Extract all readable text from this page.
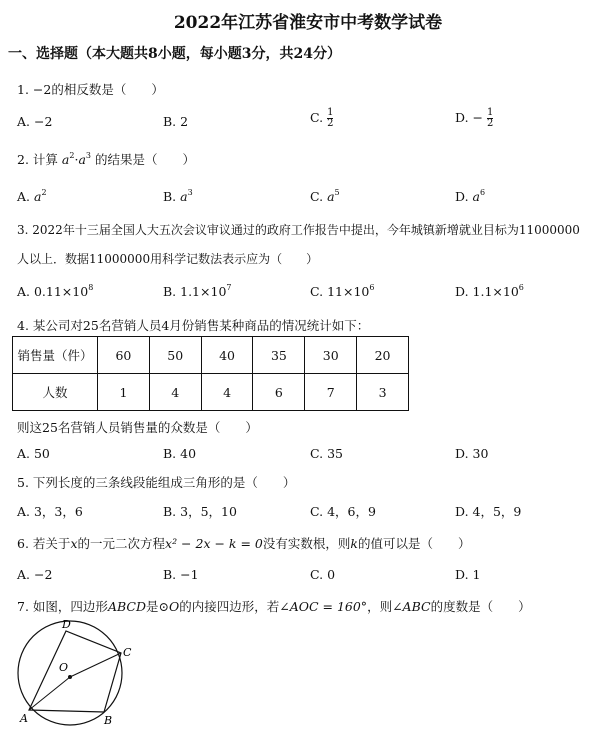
2022年江苏省淮安市中考数学试卷
一、选择题（本大题共8小题，每小题3分，共24分）
1. −2的相反数是（　　）
A. −2	B. 2	C. $\frac{1}{2}$	D. − $\frac{1}{2}$
2. 计算 $a^2\cdot a^3$ 的结果是（　　）
A. $a^2$	B. $a^3$	C. $a^5$	D. $a^6$
3. 2022年十三届全国人大五次会议审议通过的政府工作报告中提出，今年城镇新增就业目标为11000000
人以上．数据11000000用科学记数法表示应为（　　）
A. $0.11\times 10^8$	B. $1.1\times 10^7$	C. $11\times 10^6$	D. $1.1\times 10^6$
4. 某公司对25名营销人员4月份销售某种商品的情况统计如下：
销售量（件）	60	50	40	35	30	20
人数	1	4	4	6	7	3
则这25名营销人员销售量的众数是（　　）
A. 50	B. 40	C. 35	D. 30
5. 下列长度的三条线段能组成三角形的是（　　）
A. 3，3，6	B. 3，5，10	C. 4，6，9	D. 4，5，9
6. 若关于x的一元二次方程x² − 2x − k = 0没有实数根，则k的值可以是（　　）
A. −2	B. −1	C. 0	D. 1
7. 如图，四边形ABCD是⊙O的内接四边形，若∠AOC = 160°，则∠ABC的度数是（　　）
D
C
O
A	B
